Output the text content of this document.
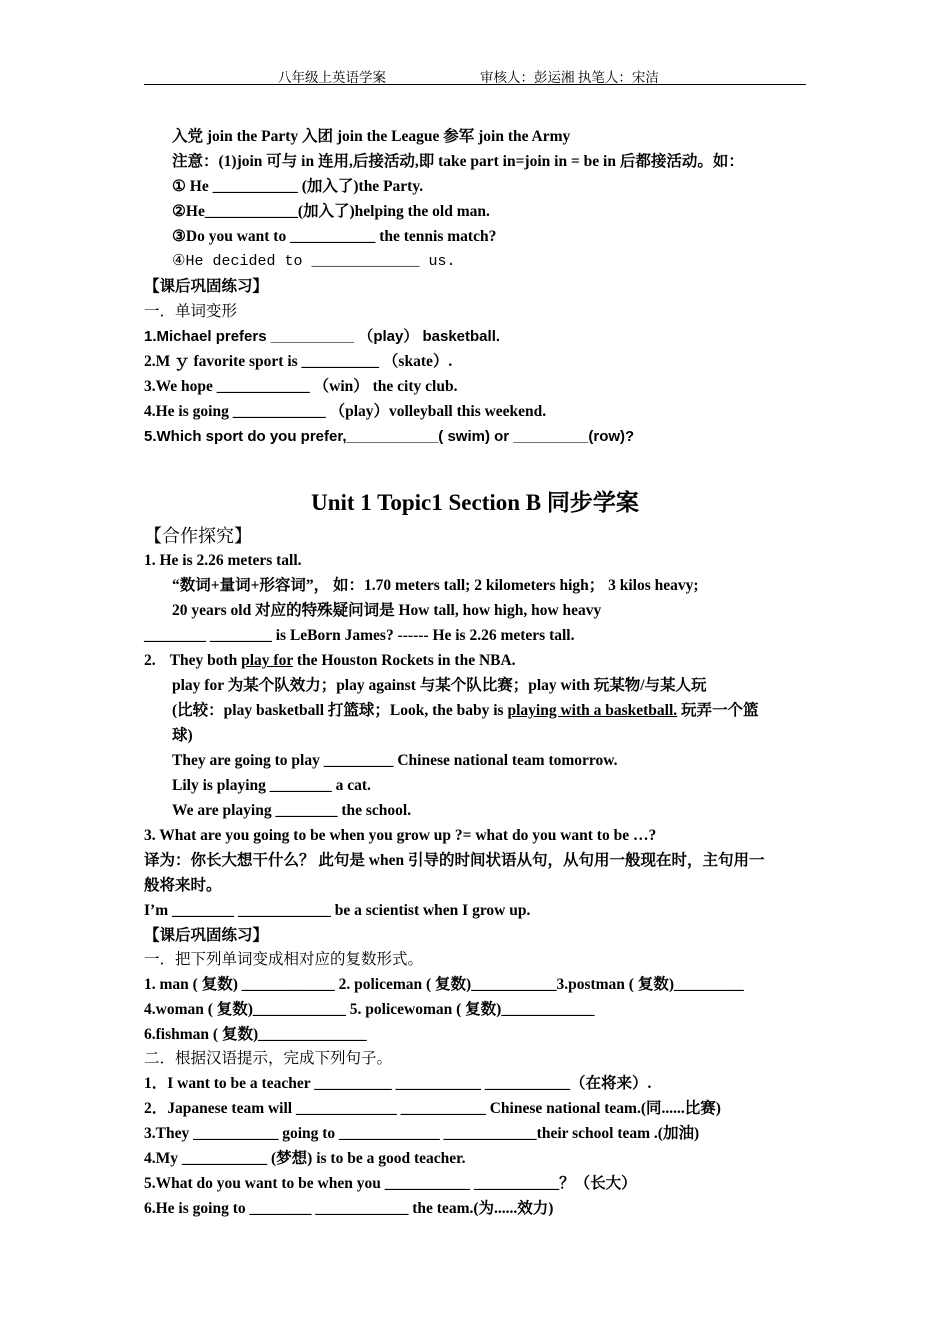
八年级上英语学案	审核人：彭运湘 执笔人：宋洁
入党 join the Party 入团 join the League 参军 join the Army
注意：(1)join 可与 in 连用,后接活动,即 take part in=join in = be in 后都接活动。如：
① He ___________ (加入了)the Party.
②He____________(加入了)helping the old man.
③Do you want to ___________ the tennis match?
④He decided to ____________ us.
【课后巩固练习】
一．单词变形
1.Michael prefers __________ （play） basketball.
2.M ｙ favorite sport is __________ （skate）.
3.We hope ____________ （win） the city club.
4.He is going ____________ （play）volleyball this weekend.
5.Which sport do you prefer,___________( swim) or _________(row)?
Unit 1 Topic1 Section B 同步学案
【合作探究】
1. He is 2.26 meters tall.
“数词+量词+形容词”， 如：1.70 meters tall; 2 kilometers high； 3 kilos heavy;
20 years old 对应的特殊疑问词是 How tall, how high, how heavy
________ ________ is LeBorn James? ------ He is 2.26 meters tall.
2. They both play for the Houston Rockets in the NBA.
play for 为某个队效力；play against 与某个队比赛；play with 玩某物/与某人玩
(比较：play basketball 打篮球；Look, the baby is playing with a basketball. 玩弄一个篮
球)
They are going to play _________ Chinese national team tomorrow.
Lily is playing ________ a cat.
We are playing ________ the school.
3. What are you going to be when you grow up ?= what do you want to be …?
译为：你长大想干什么？ 此句是 when 引导的时间状语从句，从句用一般现在时，主句用一
般将来时。
I’m ________ ____________ be a scientist when I grow up.
【课后巩固练习】
一．把下列单词变成相对应的复数形式。
1. man ( 复数) ____________ 2. policeman ( 复数)___________3.postman ( 复数)_________
4.woman ( 复数)____________ 5. policewoman ( 复数)____________
6.fishman ( 复数)______________
二．根据汉语提示，完成下列句子。
1．I want to be a teacher __________ ___________ ___________（在将来）.
2．Japanese team will _____________ ___________ Chinese national team.(同......比赛)
3.They ___________ going to _____________ ____________their school team .(加油)
4.My ___________ (梦想) is to be a good teacher.
5.What do you want to be when you ___________ ___________？（长大）
6.He is going to ________ ____________ the team.(为......效力)
